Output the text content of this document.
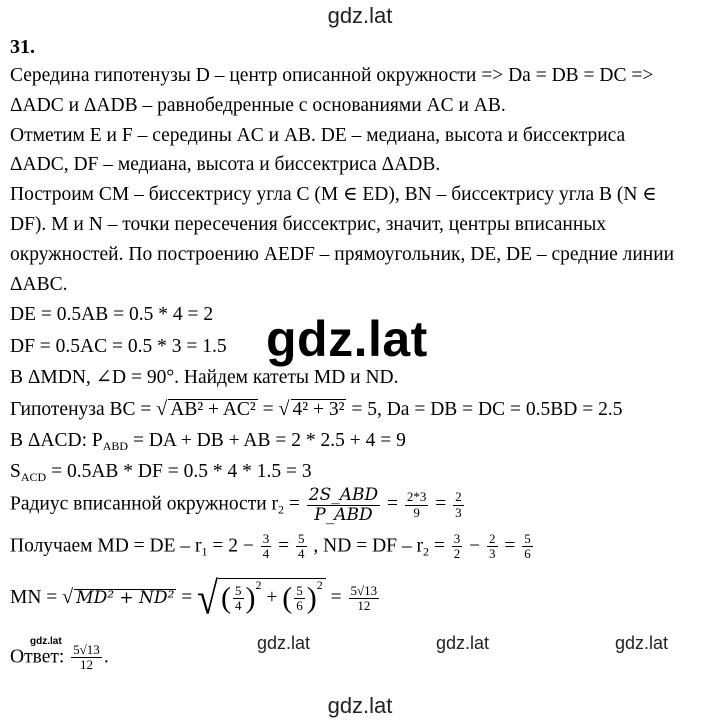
gdz.lat
31.
Середина гипотенузы D – центр описанной окружности => Da = DB = DC =>
ΔADC и ΔADB – равнобедренные с основаниями AC и AB.
Отметим E и F – середины AC и AB. DE – медиана, высота и биссектриса
ΔADC, DF – медиана, высота и биссектриса ΔADB.
Построим CM – биссектрису угла C (M ∈ ED), BN – биссектрису угла B (N ∈
DF). M и N – точки пересечения биссектрис, значит, центры вписанных
окружностей. По построению AEDF – прямоугольник, DE, DE – средние линии
ΔABC.
DE = 0.5AB = 0.5 * 4 = 2
DF = 0.5AC = 0.5 * 3 = 1.5
В ΔMDN, ∠D = 90°. Найдем катеты MD и ND.
gdz.lat
Гипотенуза BC = √ AB² + AC² = √ 4² + 3² = 5, Da = DB = DC = 0.5BD = 2.5
В ΔACD: $P_{ABD}$ = DA + DB + AB = 2 * 2.5 + 4 = 9
$S_{ACD} = 0.5AB$ * DF = 0.5 * 4 * 1.5 = 3
Радиус вписанной окружности $r_2 = \frac{\text{2S\_ABD}}{\text{P\_ABD}} = \frac{2*3}{9} = \frac{2}{3}$
Получаем MD = DE – $r_1 = 2 - \frac{3}{4} = \frac{5}{4}$ , ND = DF – $r_2 = \frac{3}{2} - \frac{2}{3} = \frac{5}{6}$
MN = √ MD² + ND² = √ ( $\frac{5}{4} )^2$ + ( $\frac{5}{6} )^2 = \frac{5√13}{12}$
gdz.lat
Ответ: $\frac{5√13}{12}$ .
gdz.lat	gdz.lat	gdz.lat
gdz.lat
